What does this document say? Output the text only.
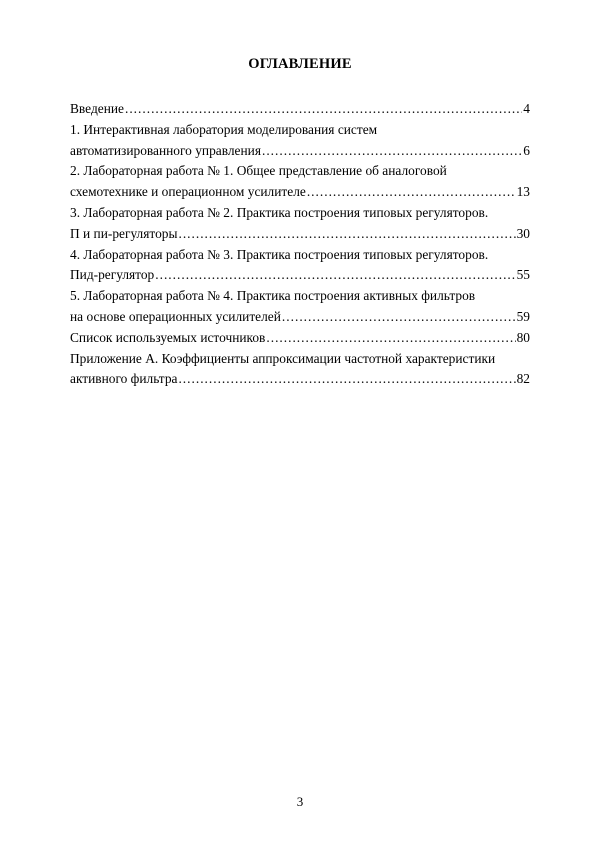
ОГЛАВЛЕНИЕ
Введение .....	4
1. Интерактивная лаборатория моделирования систем
автоматизированного управления .....	6
2. Лабораторная работа № 1. Общее представление об аналоговой
схемотехнике и операционном усилителе .....	13
3. Лабораторная работа № 2. Практика построения типовых регуляторов.
П и пи-регуляторы .....	30
4. Лабораторная работа № 3. Практика построения типовых регуляторов.
Пид-регулятор .....	55
5. Лабораторная работа № 4. Практика построения активных фильтров
на основе операционных усилителей .....	59
Список используемых источников .....	80
Приложение А. Коэффициенты аппроксимации частотной характеристики
активного фильтра .....	82
3
